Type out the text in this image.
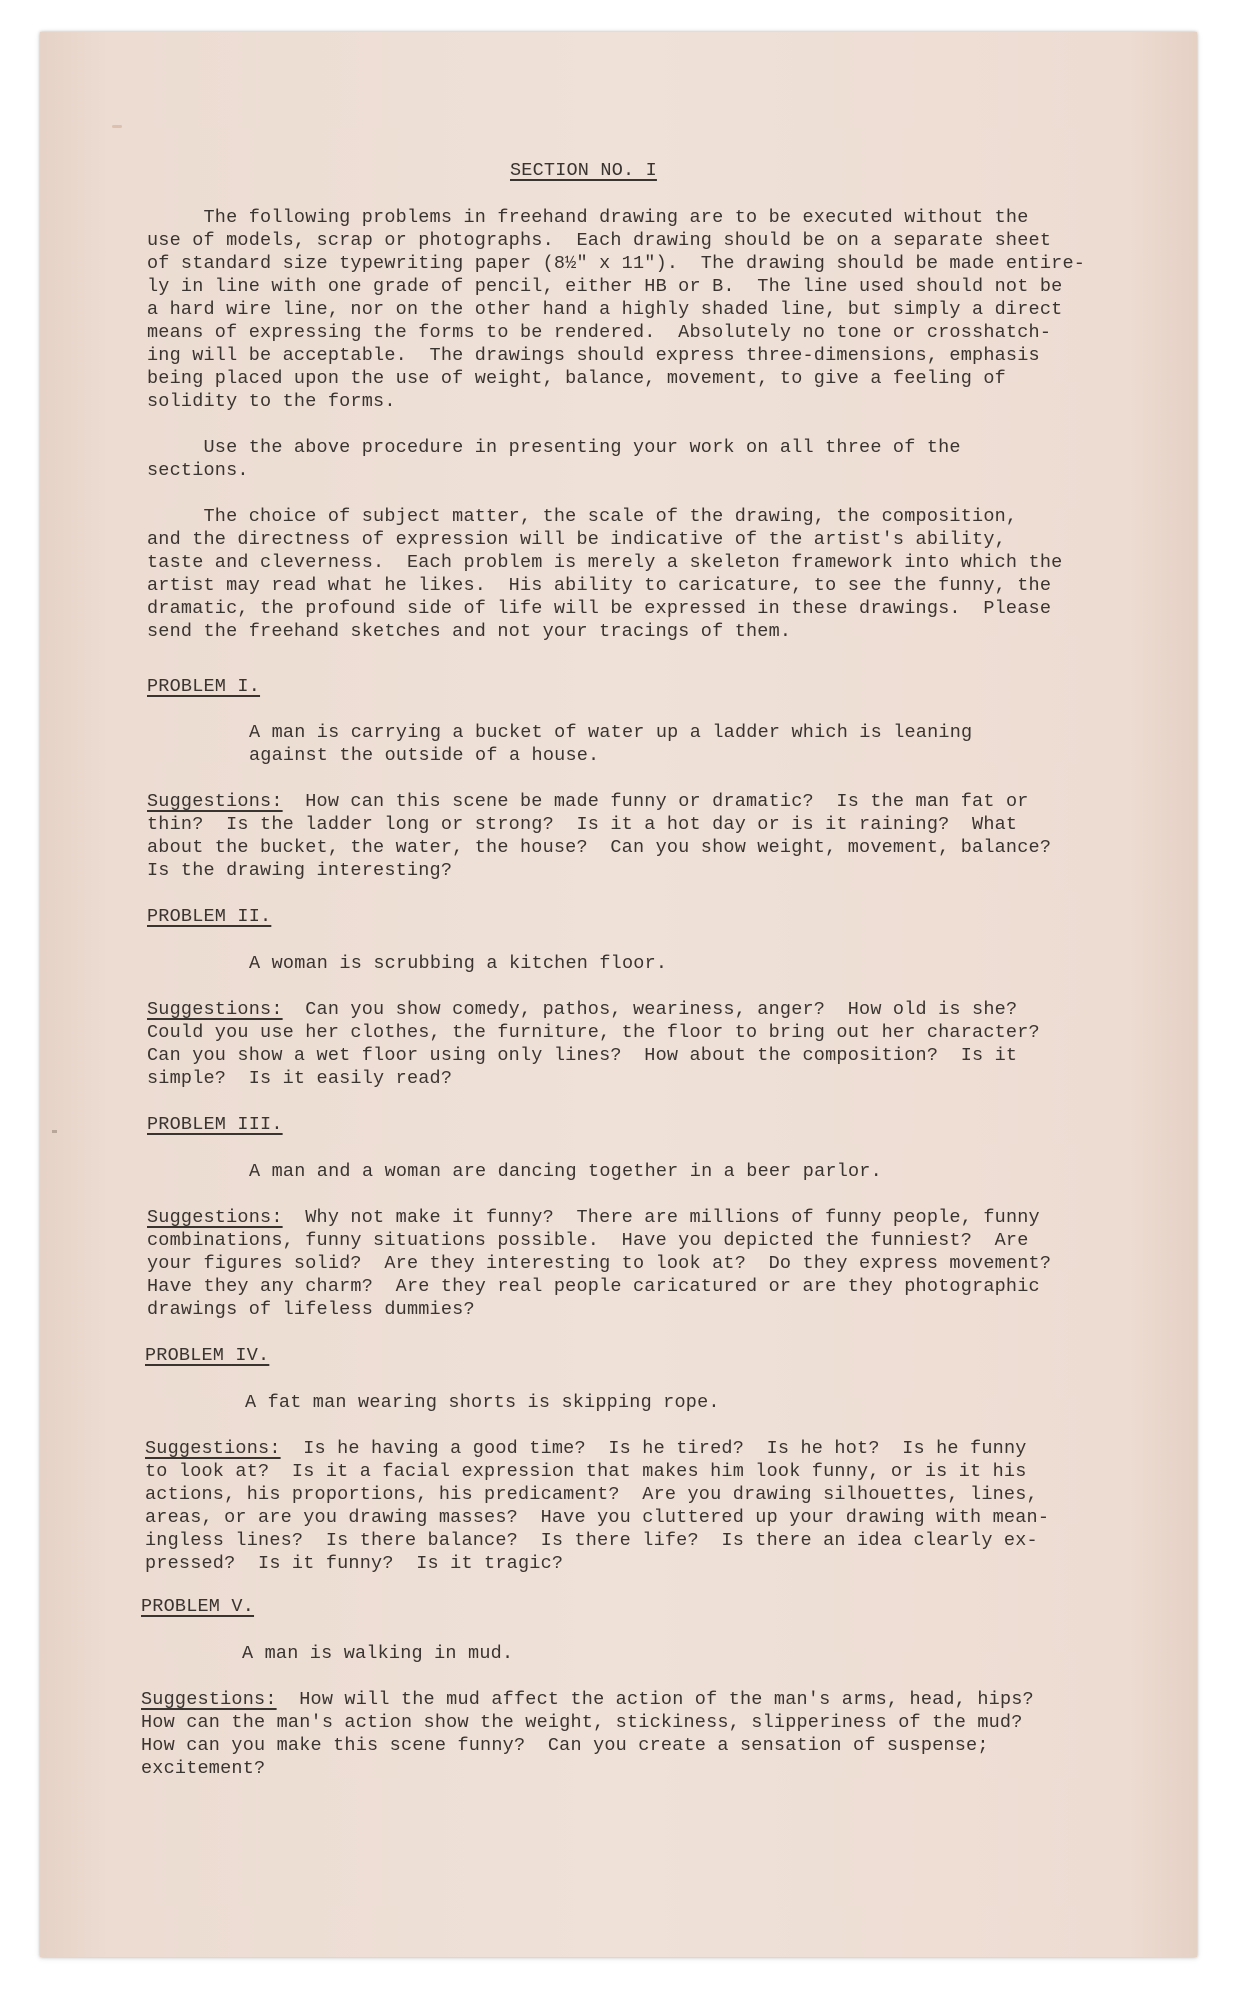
SECTION NO. I
The following problems in freehand drawing are to be executed without the
use of models, scrap or photographs.  Each drawing should be on a separate sheet
of standard size typewriting paper (8½" x 11").  The drawing should be made entire-
ly in line with one grade of pencil, either HB or B.  The line used should not be
a hard wire line, nor on the other hand a highly shaded line, but simply a direct
means of expressing the forms to be rendered.  Absolutely no tone or crosshatch-
ing will be acceptable.  The drawings should express three-dimensions, emphasis
being placed upon the use of weight, balance, movement, to give a feeling of
solidity to the forms.
Use the above procedure in presenting your work on all three of the
sections.
The choice of subject matter, the scale of the drawing, the composition,
and the directness of expression will be indicative of the artist's ability,
taste and cleverness.  Each problem is merely a skeleton framework into which the
artist may read what he likes.  His ability to caricature, to see the funny, the
dramatic, the profound side of life will be expressed in these drawings.  Please
send the freehand sketches and not your tracings of them.
PROBLEM I.
A man is carrying a bucket of water up a ladder which is leaning
against the outside of a house.
Suggestions:  How can this scene be made funny or dramatic?  Is the man fat or
thin?  Is the ladder long or strong?  Is it a hot day or is it raining?  What
about the bucket, the water, the house?  Can you show weight, movement, balance?
Is the drawing interesting?
PROBLEM II.
A woman is scrubbing a kitchen floor.
Suggestions:  Can you show comedy, pathos, weariness, anger?  How old is she?
Could you use her clothes, the furniture, the floor to bring out her character?
Can you show a wet floor using only lines?  How about the composition?  Is it
simple?  Is it easily read?
PROBLEM III.
A man and a woman are dancing together in a beer parlor.
Suggestions:  Why not make it funny?  There are millions of funny people, funny
combinations, funny situations possible.  Have you depicted the funniest?  Are
your figures solid?  Are they interesting to look at?  Do they express movement?
Have they any charm?  Are they real people caricatured or are they photographic
drawings of lifeless dummies?
PROBLEM IV.
A fat man wearing shorts is skipping rope.
Suggestions:  Is he having a good time?  Is he tired?  Is he hot?  Is he funny
to look at?  Is it a facial expression that makes him look funny, or is it his
actions, his proportions, his predicament?  Are you drawing silhouettes, lines,
areas, or are you drawing masses?  Have you cluttered up your drawing with mean-
ingless lines?  Is there balance?  Is there life?  Is there an idea clearly ex-
pressed?  Is it funny?  Is it tragic?
PROBLEM V.
A man is walking in mud.
Suggestions:  How will the mud affect the action of the man's arms, head, hips?
How can the man's action show the weight, stickiness, slipperiness of the mud?
How can you make this scene funny?  Can you create a sensation of suspense;
excitement?
